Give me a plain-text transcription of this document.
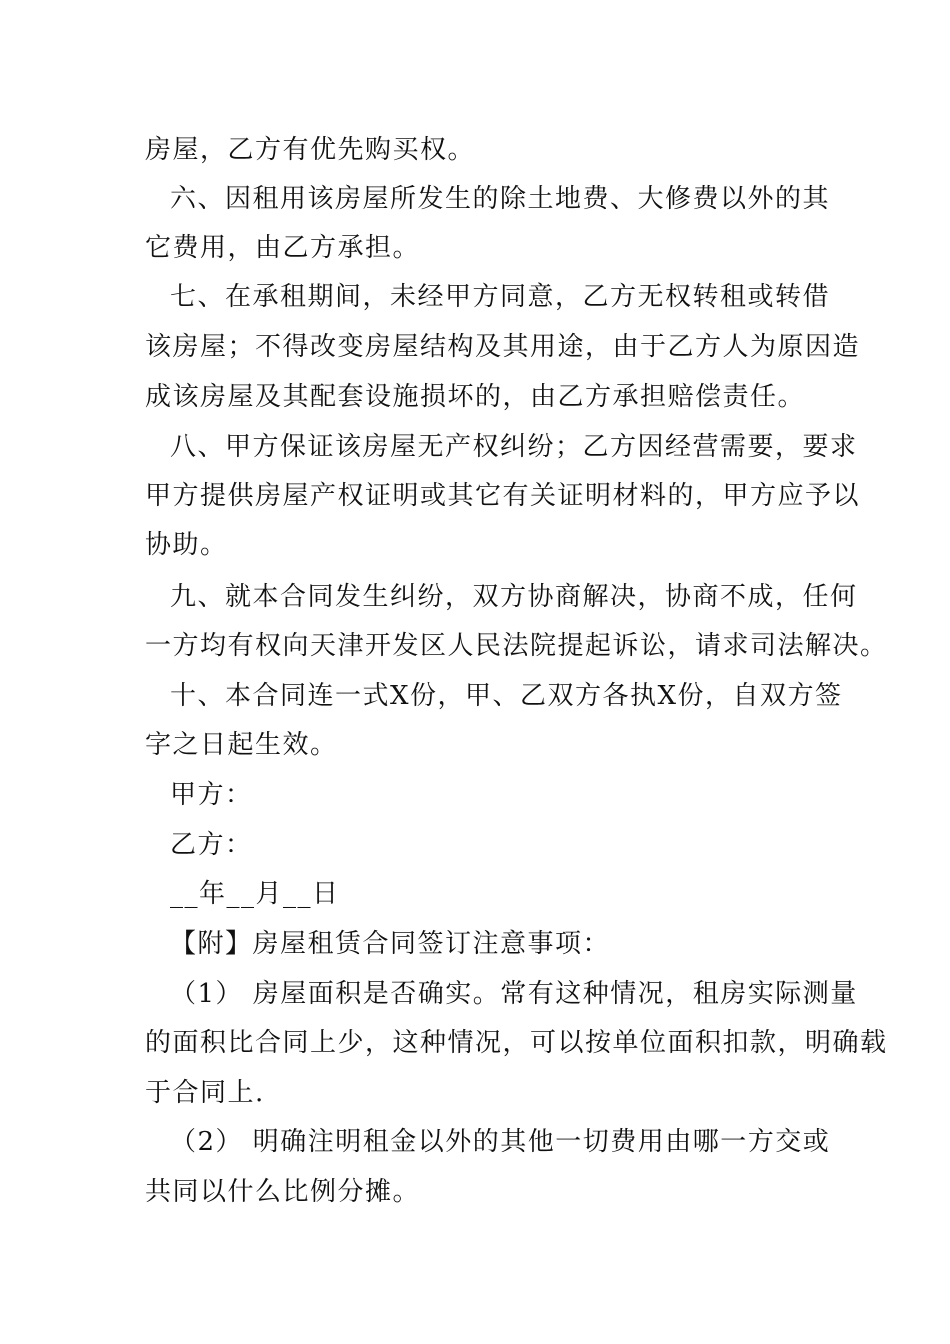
房屋，乙方有优先购买权。
六、因租用该房屋所发生的除土地费、大修费以外的其
它费用，由乙方承担。
七、在承租期间，未经甲方同意，乙方无权转租或转借
该房屋；不得改变房屋结构及其用途，由于乙方人为原因造
成该房屋及其配套设施损坏的，由乙方承担赔偿责任。
八、甲方保证该房屋无产权纠纷；乙方因经营需要，要求
甲方提供房屋产权证明或其它有关证明材料的，甲方应予以
协助。
九、就本合同发生纠纷，双方协商解决，协商不成，任何
一方均有权向天津开发区人民法院提起诉讼，请求司法解决。
十、本合同连一式X份，甲、乙双方各执X份，自双方签
字之日起生效。
甲方：
乙方：
__年__月__日
【附】房屋租赁合同签订注意事项：
（1） 房屋面积是否确实。常有这种情况，租房实际测量
的面积比合同上少，这种情况，可以按单位面积扣款，明确载
于合同上.
（2） 明确注明租金以外的其他一切费用由哪一方交或
共同以什么比例分摊。
